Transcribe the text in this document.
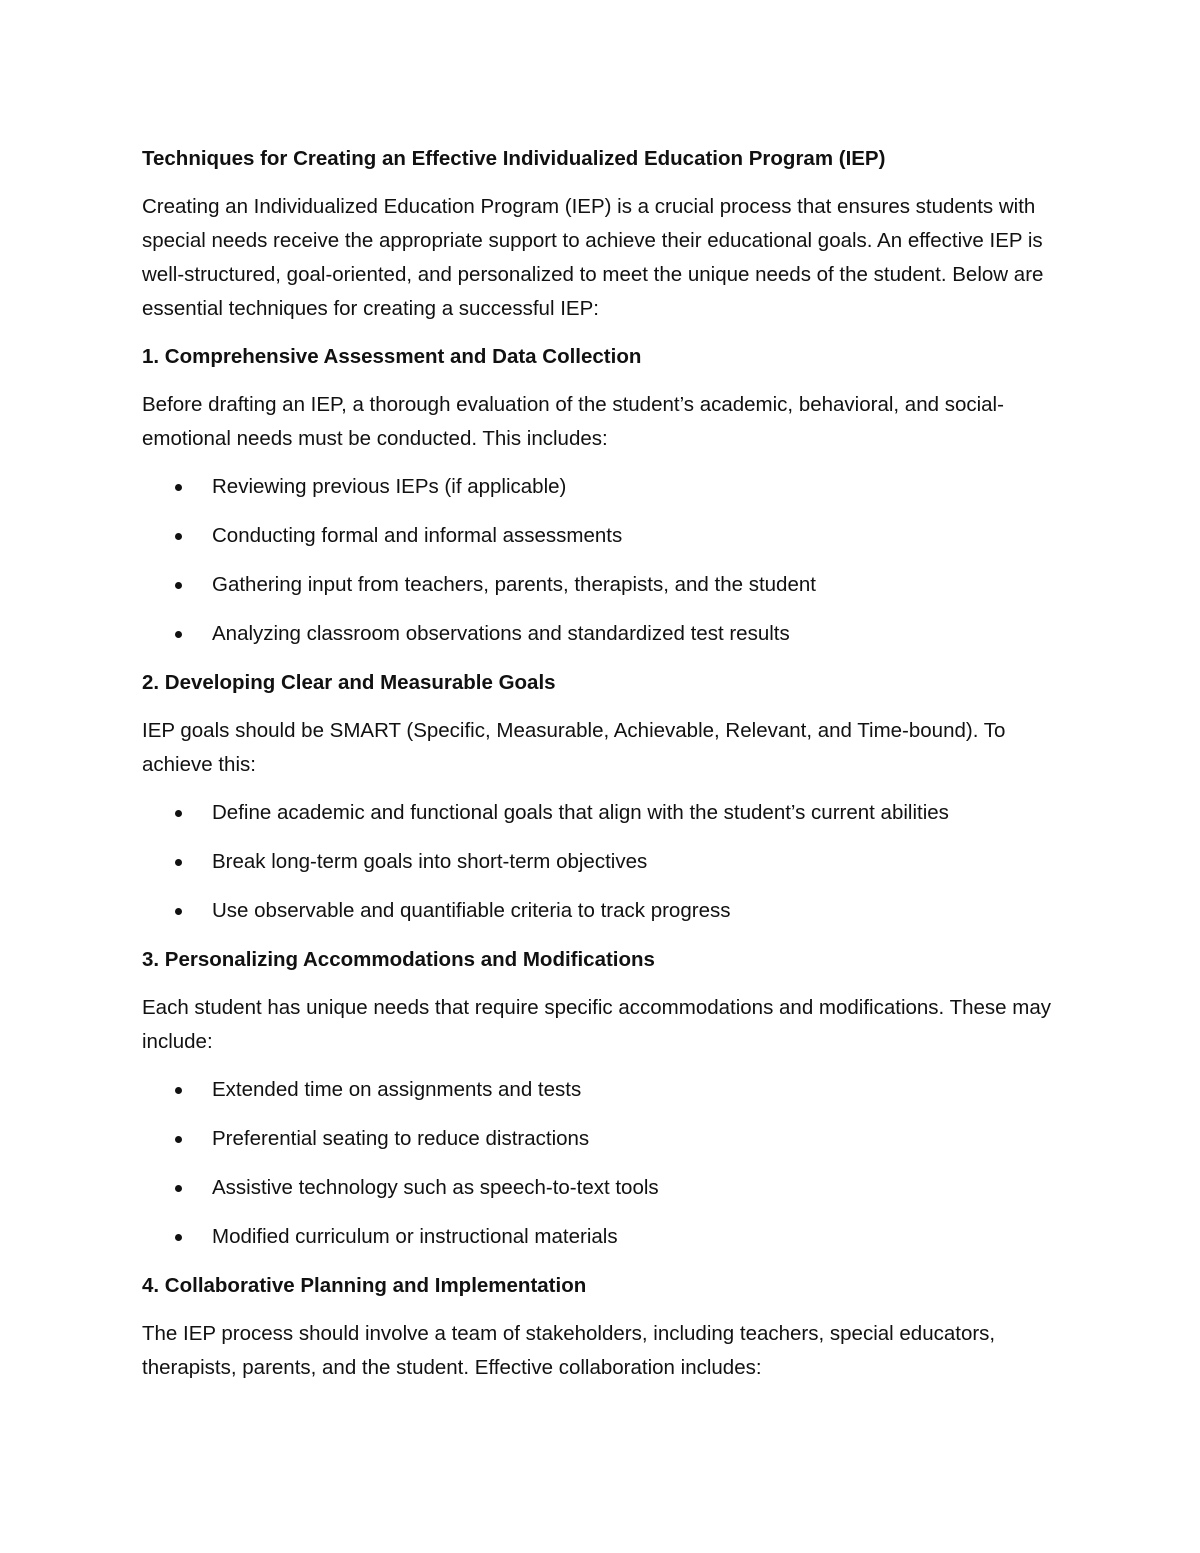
Techniques for Creating an Effective Individualized Education Program (IEP)

Creating an Individualized Education Program (IEP) is a crucial process that ensures students with special needs receive the appropriate support to achieve their educational goals. An effective IEP is well-structured, goal-oriented, and personalized to meet the unique needs of the student. Below are essential techniques for creating a successful IEP:

1. Comprehensive Assessment and Data Collection

Before drafting an IEP, a thorough evaluation of the student’s academic, behavioral, and social-emotional needs must be conducted. This includes:

Reviewing previous IEPs (if applicable)
Conducting formal and informal assessments
Gathering input from teachers, parents, therapists, and the student
Analyzing classroom observations and standardized test results

2. Developing Clear and Measurable Goals

IEP goals should be SMART (Specific, Measurable, Achievable, Relevant, and Time-bound). To achieve this:

Define academic and functional goals that align with the student’s current abilities
Break long-term goals into short-term objectives
Use observable and quantifiable criteria to track progress

3. Personalizing Accommodations and Modifications

Each student has unique needs that require specific accommodations and modifications. These may include:

Extended time on assignments and tests
Preferential seating to reduce distractions
Assistive technology such as speech-to-text tools
Modified curriculum or instructional materials

4. Collaborative Planning and Implementation

The IEP process should involve a team of stakeholders, including teachers, special educators, therapists, parents, and the student. Effective collaboration includes:
